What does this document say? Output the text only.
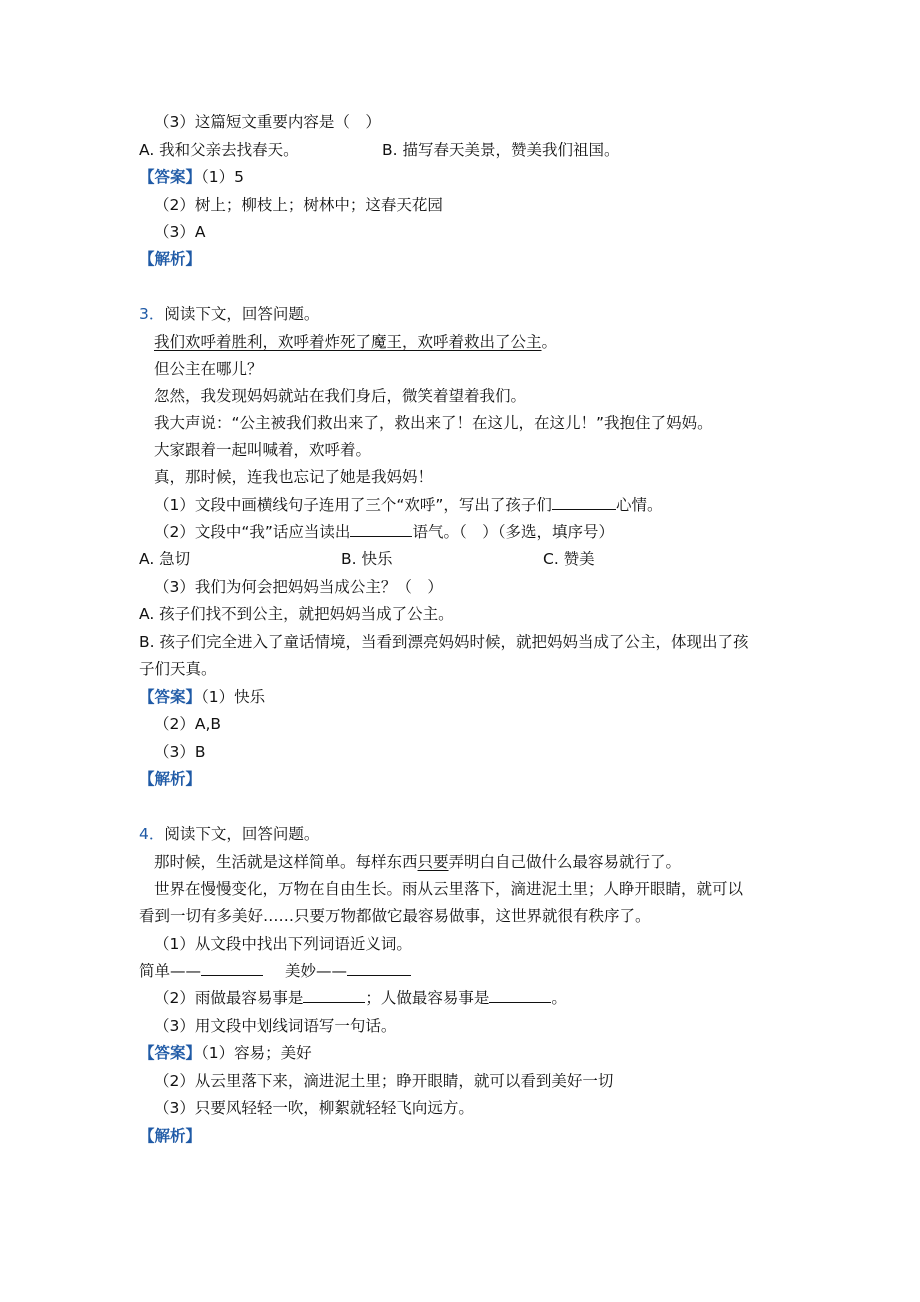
（3）这篇短文重要内容是（　）
A. 我和父亲去找春天。	B. 描写春天美景，赞美我们祖国。
【答案】（1）5
（2）树上；柳枝上；树林中；这春天花园
（3）A
【解析】
3．阅读下文，回答问题。
我们欢呼着胜利，欢呼着炸死了魔王，欢呼着救出了公主。
但公主在哪儿？
忽然，我发现妈妈就站在我们身后，微笑着望着我们。
我大声说：“公主被我们救出来了，救出来了！在这儿，在这儿！”我抱住了妈妈。
大家跟着一起叫喊着，欢呼着。
真，那时候，连我也忘记了她是我妈妈！
（1）文段中画横线句子连用了三个“欢呼”，写出了孩子们	心情。
（2）文段中“我”话应当读出	语气。（　）（多选，填序号）
A. 急切	B. 快乐	C. 赞美
（3）我们为何会把妈妈当成公主？（　）
A. 孩子们找不到公主，就把妈妈当成了公主。
B. 孩子们完全进入了童话情境，当看到漂亮妈妈时候，就把妈妈当成了公主，体现出了孩
子们天真。
【答案】（1）快乐
（2）A,B
（3）B
【解析】
4．阅读下文，回答问题。
那时候，生活就是这样简单。每样东西只要弄明白自己做什么最容易就行了。
世界在慢慢变化，万物在自由生长。雨从云里落下，滴进泥土里；人睁开眼睛，就可以
看到一切有多美好……只要万物都做它最容易做事，这世界就很有秩序了。
（1）从文段中找出下列词语近义词。
简单——	美妙——
（2）雨做最容易事是	；人做最容易事是	。
（3）用文段中划线词语写一句话。
【答案】（1）容易；美好
（2）从云里落下来，滴进泥土里；睁开眼睛，就可以看到美好一切
（3）只要风轻轻一吹，柳絮就轻轻飞向远方。
【解析】
